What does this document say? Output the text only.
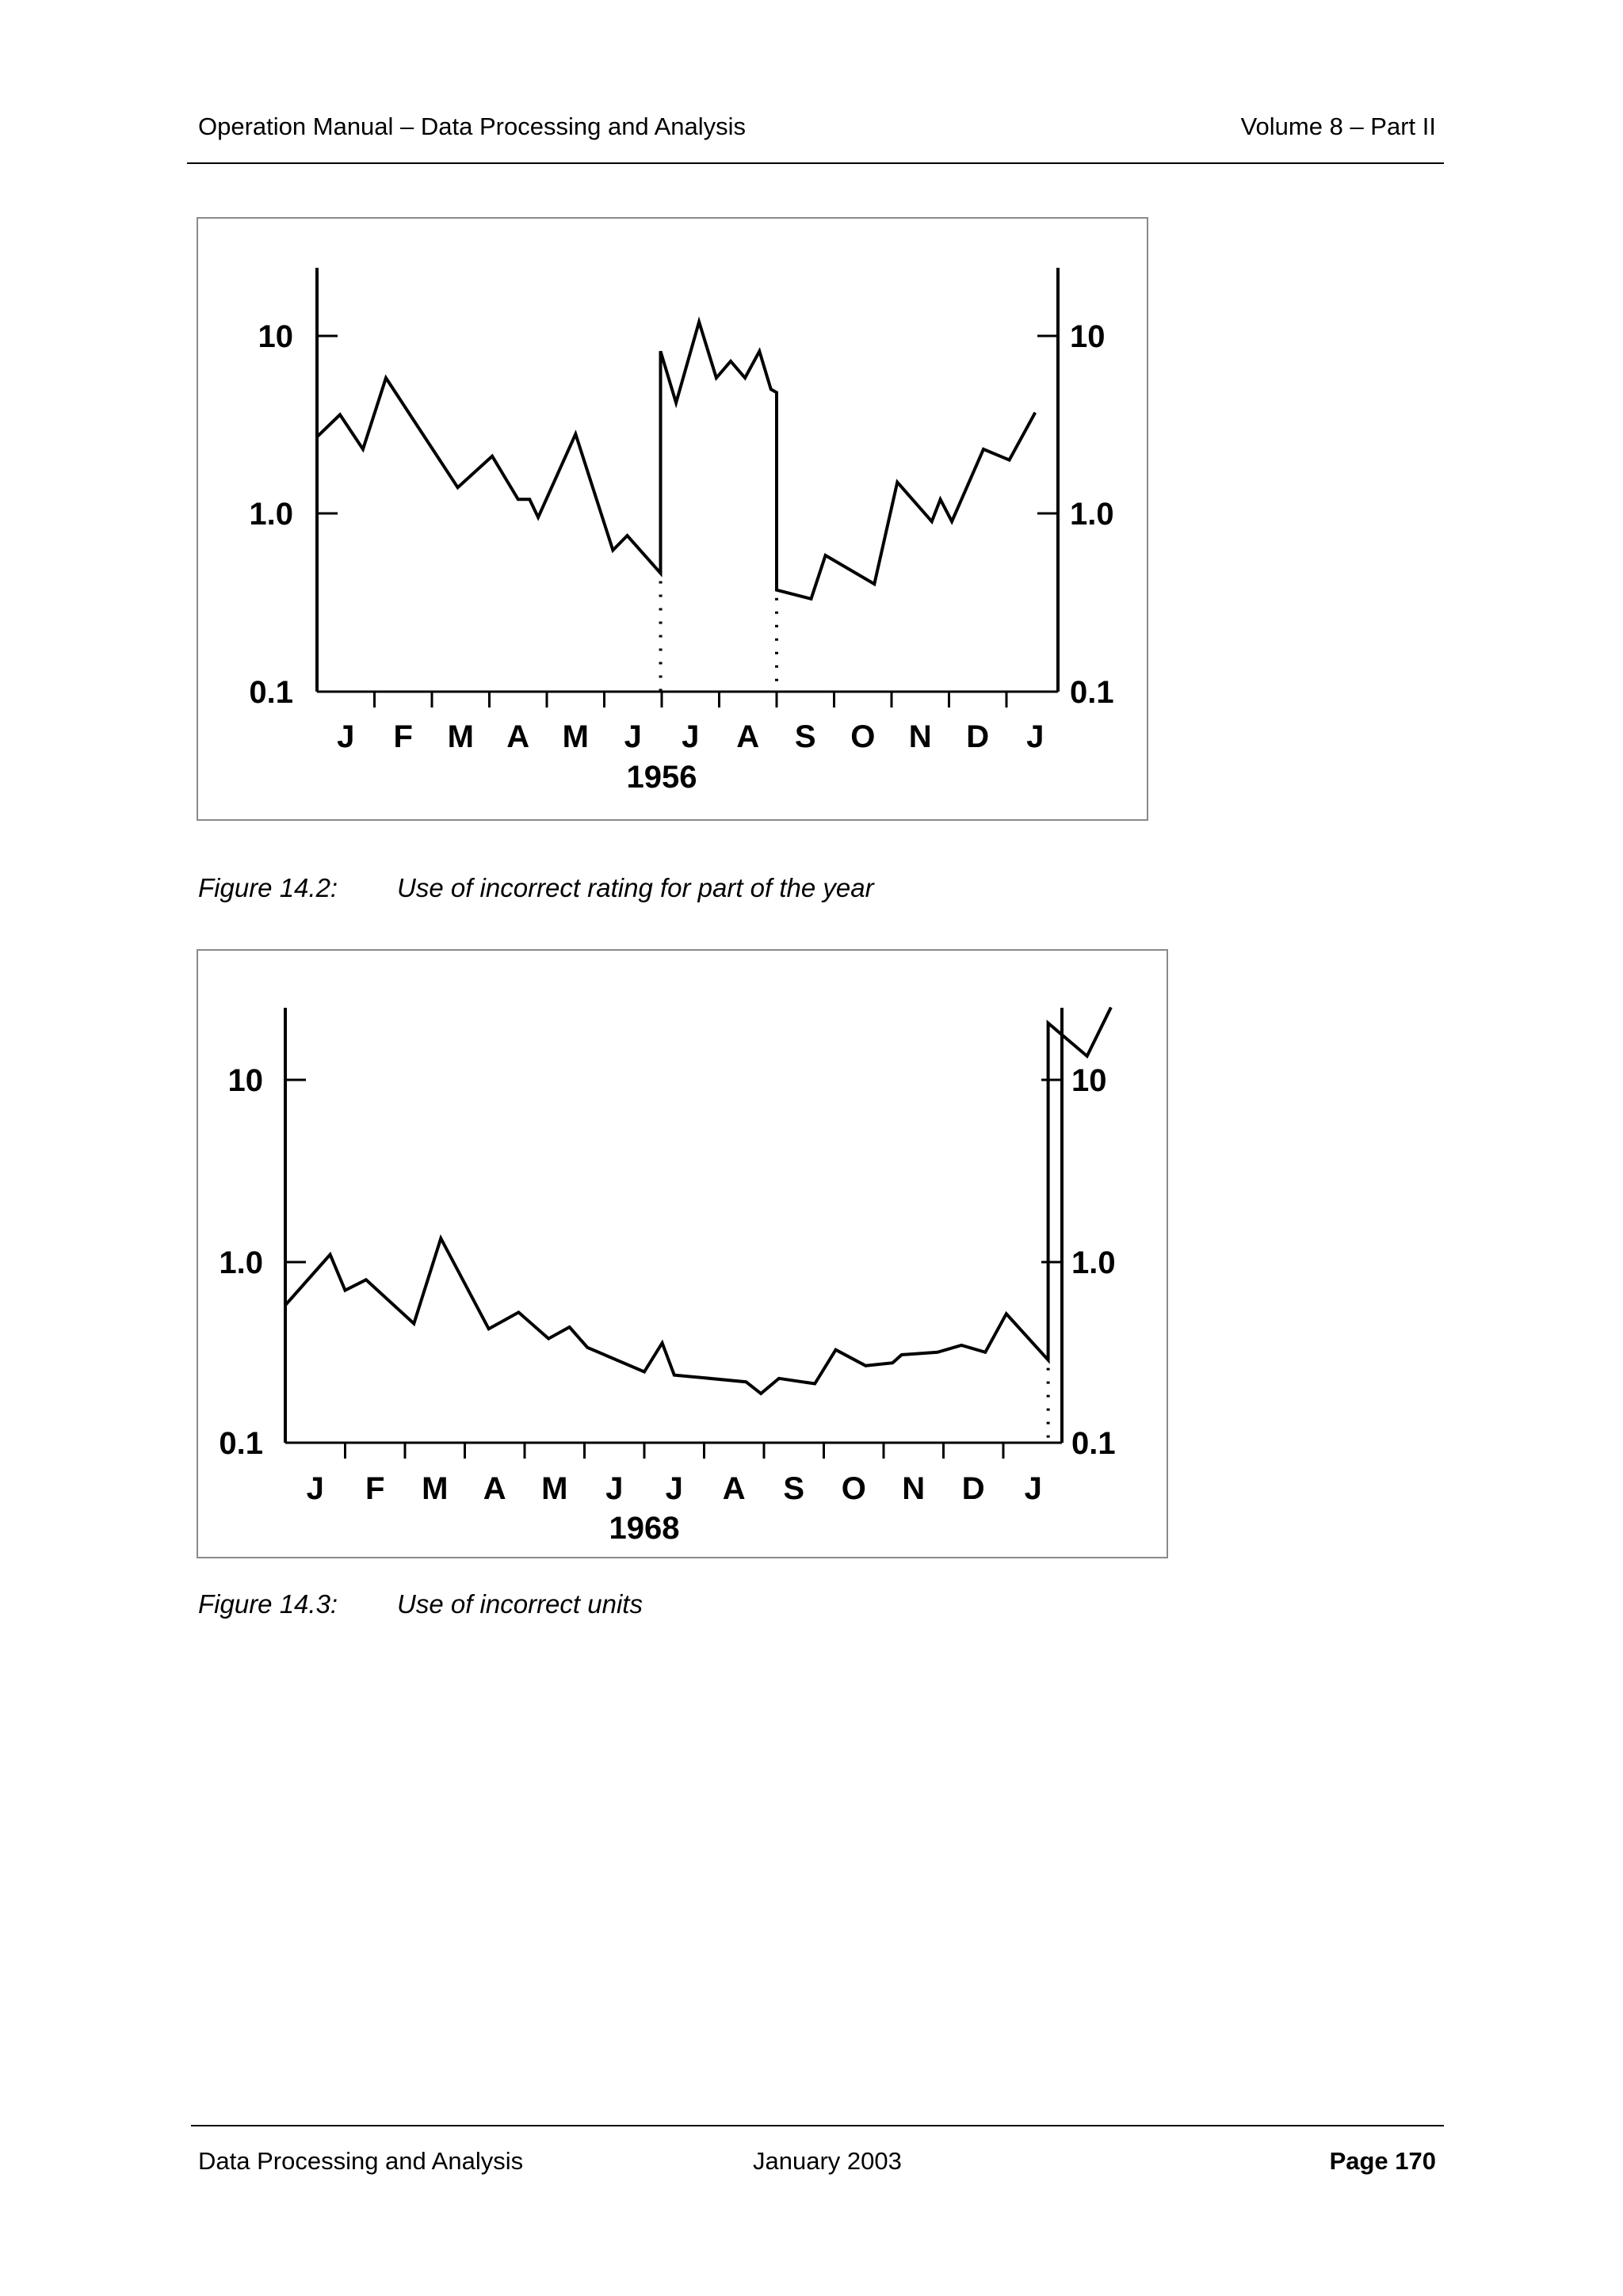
Operation Manual – Data Processing and Analysis	Volume 8 – Part II
10	10
1.0	1.0
0.1	0.1
J F M A M J J A S O N D J
1956
Figure 14.2: Use of incorrect rating for part of the year
10	10
1.0	1.0
0.1	0.1
J F M A M J J A S O N D J
1968
Figure 14.3: Use of incorrect units
Data Processing and Analysis	January 2003	Page 170
